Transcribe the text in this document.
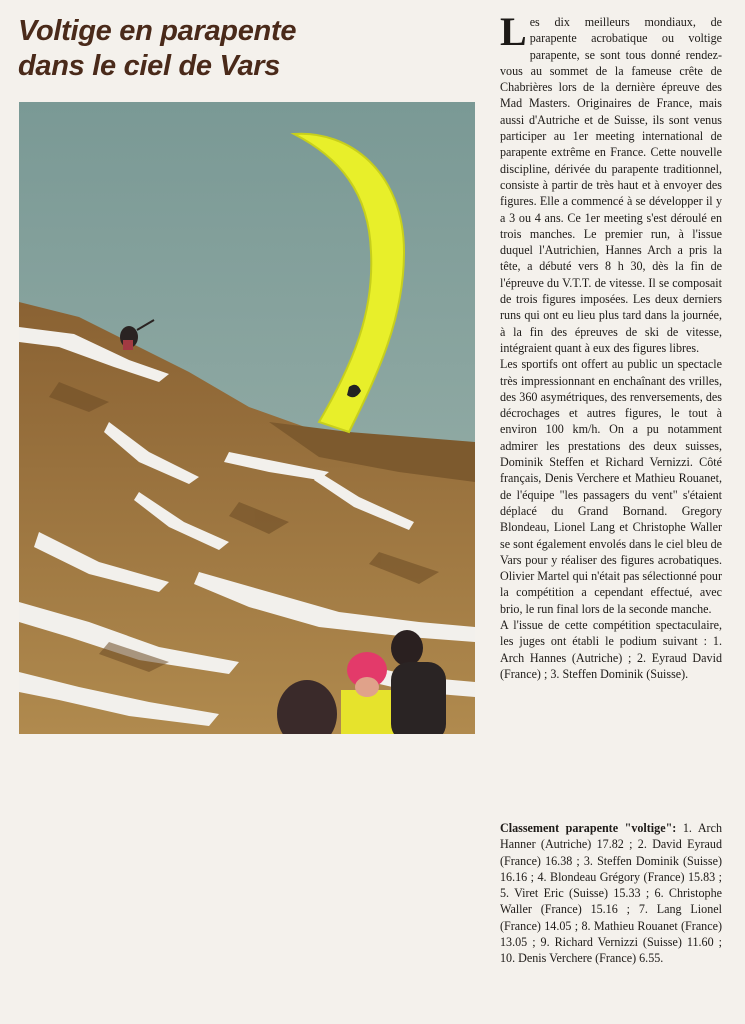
Voltige en parapente
dans le ciel de Vars

Les dix meilleurs mondiaux, de parapente acrobatique ou voltige parapente, se sont tous donné rendez-vous au sommet de la fameuse crête de Chabrières lors de la dernière épreuve des Mad Masters. Originaires de France, mais aussi d'Autriche et de Suisse, ils sont venus participer au 1er meeting international de parapente extrême en France. Cette nouvelle discipline, dérivée du parapente traditionnel, consiste à partir de très haut et à envoyer des figures. Elle a commencé à se développer il y a 3 ou 4 ans. Ce 1er meeting s'est déroulé en trois manches. Le premier run, à l'issue duquel l'Autrichien, Hannes Arch a pris la tête, a débuté vers 8 h 30, dès la fin de l'épreuve du V.T.T. de vitesse. Il se composait de trois figures imposées. Les deux derniers runs qui ont eu lieu plus tard dans la journée, à la fin des épreuves de ski de vitesse, intégraient quant à eux des figures libres.

Les sportifs ont offert au public un spectacle très impressionnant en enchaînant des vrilles, des 360 asymétriques, des renversements, des décrochages et autres figures, le tout à environ 100 km/h. On a pu notamment admirer les prestations des deux suisses, Dominik Steffen et Richard Vernizzi. Côté français, Denis Verchere et Mathieu Rouanet, de l'équipe "les passagers du vent" s'étaient déplacé du Grand Bornand. Gregory Blondeau, Lionel Lang et Christophe Waller se sont également envolés dans le ciel bleu de Vars pour y réaliser des figures acrobatiques. Olivier Martel qui n'était pas sélectionné pour la compétition a cependant effectué, avec brio, le run final lors de la seconde manche.

A l'issue de cette compétition spectaculaire, les juges ont établi le podium suivant : 1. Arch Hannes (Autriche) ; 2. Eyraud David (France) ; 3. Steffen Dominik (Suisse).

Classement parapente "voltige": 1. Arch Hanner (Autriche) 17.82 ; 2. David Eyraud (France) 16.38 ; 3. Steffen Dominik (Suisse) 16.16 ; 4. Blondeau Grégory (France) 15.83 ; 5. Viret Eric (Suisse) 15.33 ; 6. Christophe Waller (France) 15.16 ; 7. Lang Lionel (France) 14.05 ; 8. Mathieu Rouanet (France) 13.05 ; 9. Richard Vernizzi (Suisse) 11.60 ; 10. Denis Verchere (France) 6.55.
